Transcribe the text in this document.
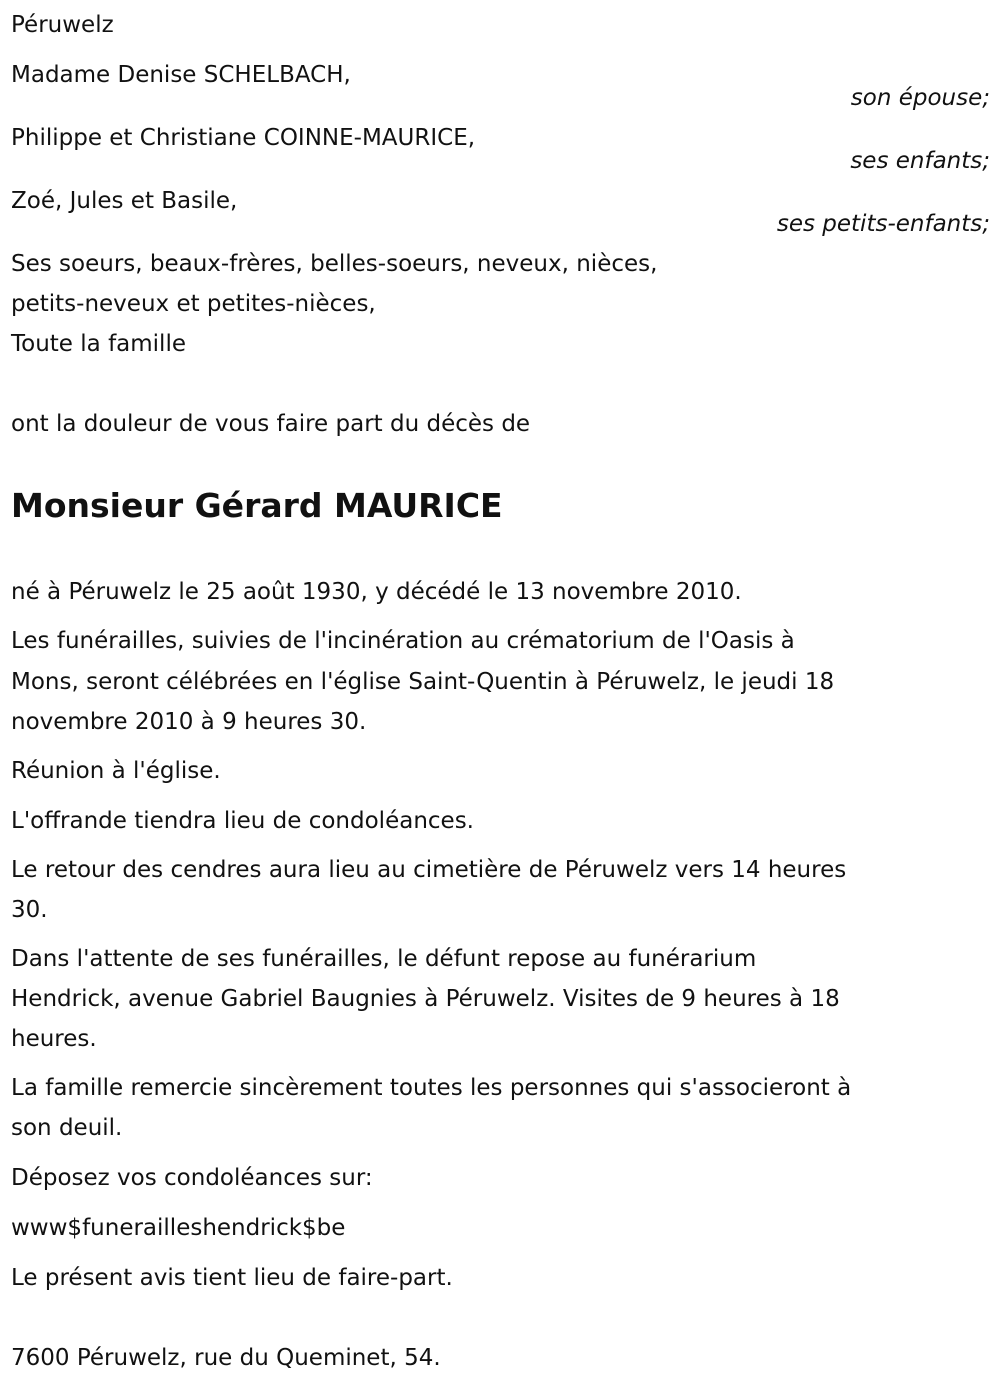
Péruwelz
Madame Denise SCHELBACH,
son épouse;
Philippe et Christiane COINNE-MAURICE,
ses enfants;
Zoé, Jules et Basile,
ses petits-enfants;
Ses soeurs, beaux-frères, belles-soeurs, neveux, nièces,
petits-neveux et petites-nièces,
Toute la famille
ont la douleur de vous faire part du décès de
Monsieur Gérard MAURICE
né à Péruwelz le 25 août 1930, y décédé le 13 novembre 2010.
Les funérailles, suivies de l'incinération au crématorium de l'Oasis à
Mons, seront célébrées en l'église Saint-Quentin à Péruwelz, le jeudi 18
novembre 2010 à 9 heures 30.
Réunion à l'église.
L'offrande tiendra lieu de condoléances.
Le retour des cendres aura lieu au cimetière de Péruwelz vers 14 heures
30.
Dans l'attente de ses funérailles, le défunt repose au funérarium
Hendrick, avenue Gabriel Baugnies à Péruwelz. Visites de 9 heures à 18
heures.
La famille remercie sincèrement toutes les personnes qui s'associeront à
son deuil.
Déposez vos condoléances sur:
www$funerailleshendrick$be
Le présent avis tient lieu de faire-part.
7600 Péruwelz, rue du Queminet, 54.
